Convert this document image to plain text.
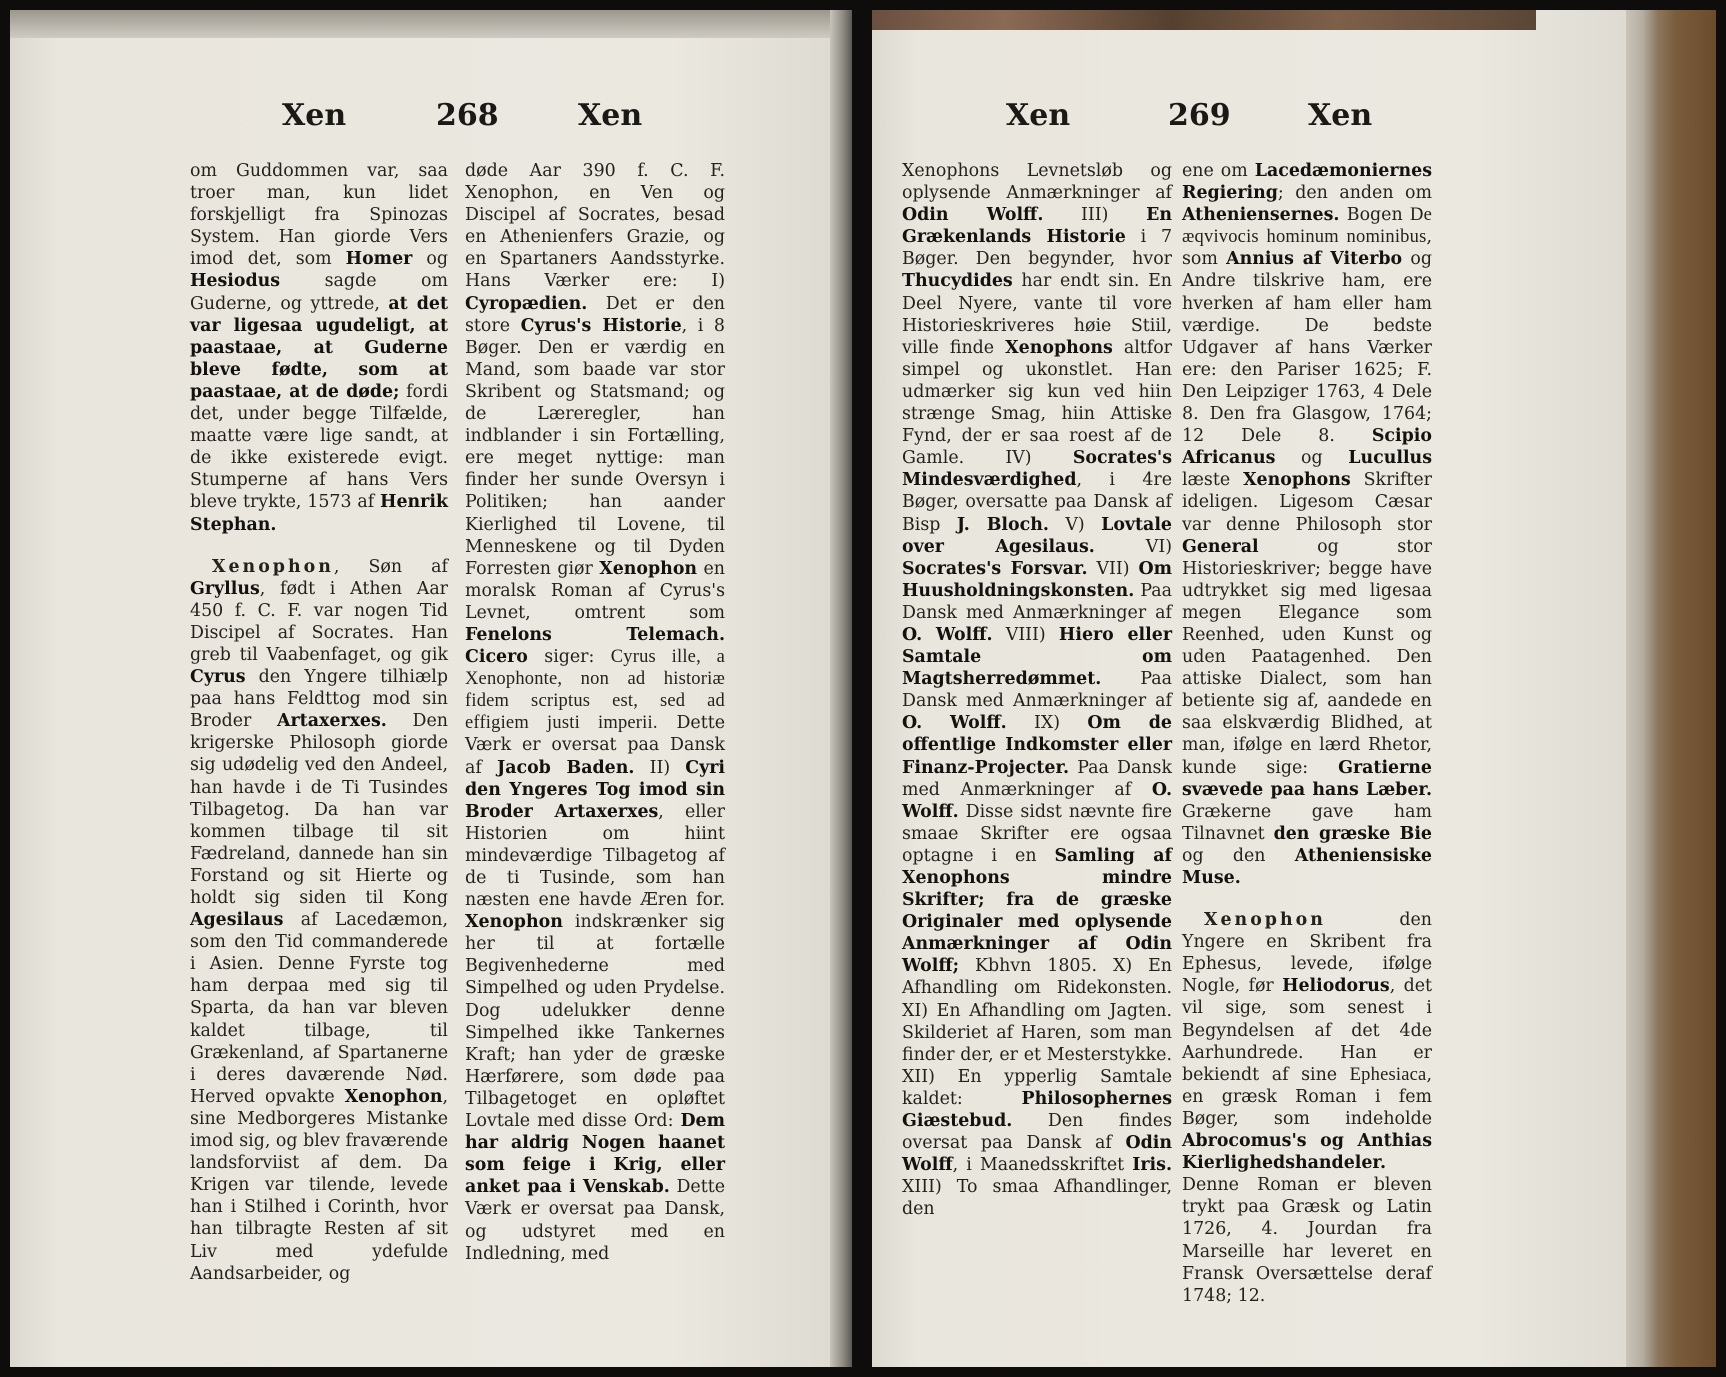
Xen	268	Xen

om Guddommen var, saa troer man, kun lidet forskjelligt fra Spinozas System. Han giorde Vers imod det, som Homer og Hesiodus sagde om Guderne, og yttrede, at det var ligesaa ugudeligt, at paastaae, at Guderne bleve fødte, som at paastaae, at de døde; fordi det, under begge Tilfælde, maatte være lige sandt, at de ikke existerede evigt. Stumperne af hans Vers bleve trykte, 1573 af Henrik Stephan.

Xenophon, Søn af Gryllus, født i Athen Aar 450 f. C. F. var nogen Tid Discipel af Socrates. Han greb til Vaabenfaget, og gik Cyrus den Yngere tilhiælp paa hans Feldttog mod sin Broder Artaxerxes. Den krigerske Philosoph giorde sig udødelig ved den Andeel, han havde i de Ti Tusindes Tilbagetog. Da han var kommen tilbage til sit Fædreland, dannede han sin Forstand og sit Hierte og holdt sig siden til Kong Agesilaus af Lacedæmon, som den Tid commanderede i Asien. Denne Fyrste tog ham derpaa med sig til Sparta, da han var bleven kaldet tilbage, til Grækenland, af Spartanerne i deres daværende Nød. Herved opvakte Xenophon, sine Medborgeres Mistanke imod sig, og blev fraværende landsforviist af dem. Da Krigen var tilende, levede han i Stilhed i Corinth, hvor han tilbragte Resten af sit Liv med ydefulde Aandsarbeider, og

døde Aar 390 f. C. F. Xenophon, en Ven og Discipel af Socrates, besad en Athenienfers Grazie, og en Spartaners Aandsstyrke. Hans Værker ere: I) Cyropædien. Det er den store Cyrus's Historie, i 8 Bøger. Den er værdig en Mand, som baade var stor Skribent og Statsmand; og de Læreregler, han indblander i sin Fortælling, ere meget nyttige: man finder her sunde Oversyn i Politiken; han aander Kierlighed til Lovene, til Menneskene og til Dyden Forresten giør Xenophon en moralsk Roman af Cyrus's Levnet, omtrent som Fenelons Telemach. Cicero siger: Cyrus ille, a Xenophonte, non ad historiæ fidem scriptus est, sed ad effigiem justi imperii. Dette Værk er oversat paa Dansk af Jacob Baden. II) Cyri den Yngeres Tog imod sin Broder Artaxerxes, eller Historien om hiint mindeværdige Tilbagetog af de ti Tusinde, som han næsten ene havde Æren for. Xenophon indskrænker sig her til at fortælle Begivenhederne med Simpelhed og uden Prydelse. Dog udelukker denne Simpelhed ikke Tankernes Kraft; han yder de græske Hærførere, som døde paa Tilbagetoget en opløftet Lovtale med disse Ord: Dem har aldrig Nogen haanet som feige i Krig, eller anket paa i Venskab. Dette Værk er oversat paa Dansk, og udstyret med en Indledning, med

Xen	269	Xen

Xenophons Levnetsløb og oplysende Anmærkninger af Odin Wolff. III) En Grækenlands Historie i 7 Bøger. Den begynder, hvor Thucydides har endt sin. En Deel Nyere, vante til vore Historieskriveres høie Stiil, ville finde Xenophons altfor simpel og ukonstlet. Han udmærker sig kun ved hiin strænge Smag, hiin Attiske Fynd, der er saa roest af de Gamle. IV) Socrates's Mindesværdighed, i 4re Bøger, oversatte paa Dansk af Bisp J. Bloch. V) Lovtale over Agesilaus. VI) Socrates's Forsvar. VII) Om Huusholdningskonsten. Paa Dansk med Anmærkninger af O. Wolff. VIII) Hiero eller Samtale om Magtsherredømmet. Paa Dansk med Anmærkninger af O. Wolff. IX) Om de offentlige Indkomster eller Finanz-Projecter. Paa Dansk med Anmærkninger af O. Wolff. Disse sidst nævnte fire smaae Skrifter ere ogsaa optagne i en Samling af Xenophons mindre Skrifter; fra de græske Originaler med oplysende Anmærkninger af Odin Wolff; Kbhvn 1805. X) En Afhandling om Ridekonsten. XI) En Afhandling om Jagten. Skilderiet af Haren, som man finder der, er et Mesterstykke. XII) En ypperlig Samtale kaldet: Philosophernes Giæstebud. Den findes oversat paa Dansk af Odin Wolff, i Maanedsskriftet Iris. XIII) To smaa Afhandlinger, den

ene om Lacedæmoniernes Regiering; den anden om Atheniensernes. Bogen De æqvivocis hominum nominibus, som Annius af Viterbo og Andre tilskrive ham, ere hverken af ham eller ham værdige. De bedste Udgaver af hans Værker ere: den Pariser 1625; F. Den Leipziger 1763, 4 Dele 8. Den fra Glasgow, 1764; 12 Dele 8. Scipio Africanus og Lucullus læste Xenophons Skrifter ideligen. Ligesom Cæsar var denne Philosoph stor General og stor Historieskriver; begge have udtrykket sig med ligesaa megen Elegance som Reenhed, uden Kunst og uden Paatagenhed. Den attiske Dialect, som han betiente sig af, aandede en saa elskværdig Blidhed, at man, ifølge en lærd Rhetor, kunde sige: Gratierne svævede paa hans Læber. Grækerne gave ham Tilnavnet den græske Bie og den Atheniensiske Muse.

Xenophon den Yngere en Skribent fra Ephesus, levede, ifølge Nogle, før Heliodorus, det vil sige, som senest i Begyndelsen af det 4de Aarhundrede. Han er bekiendt af sine Ephesiaca, en græsk Roman i fem Bøger, som indeholde Abrocomus's og Anthias Kierlighedshandeler. Denne Roman er bleven trykt paa Græsk og Latin 1726, 4. Jourdan fra Marseille har leveret en Fransk Oversættelse deraf 1748; 12.
